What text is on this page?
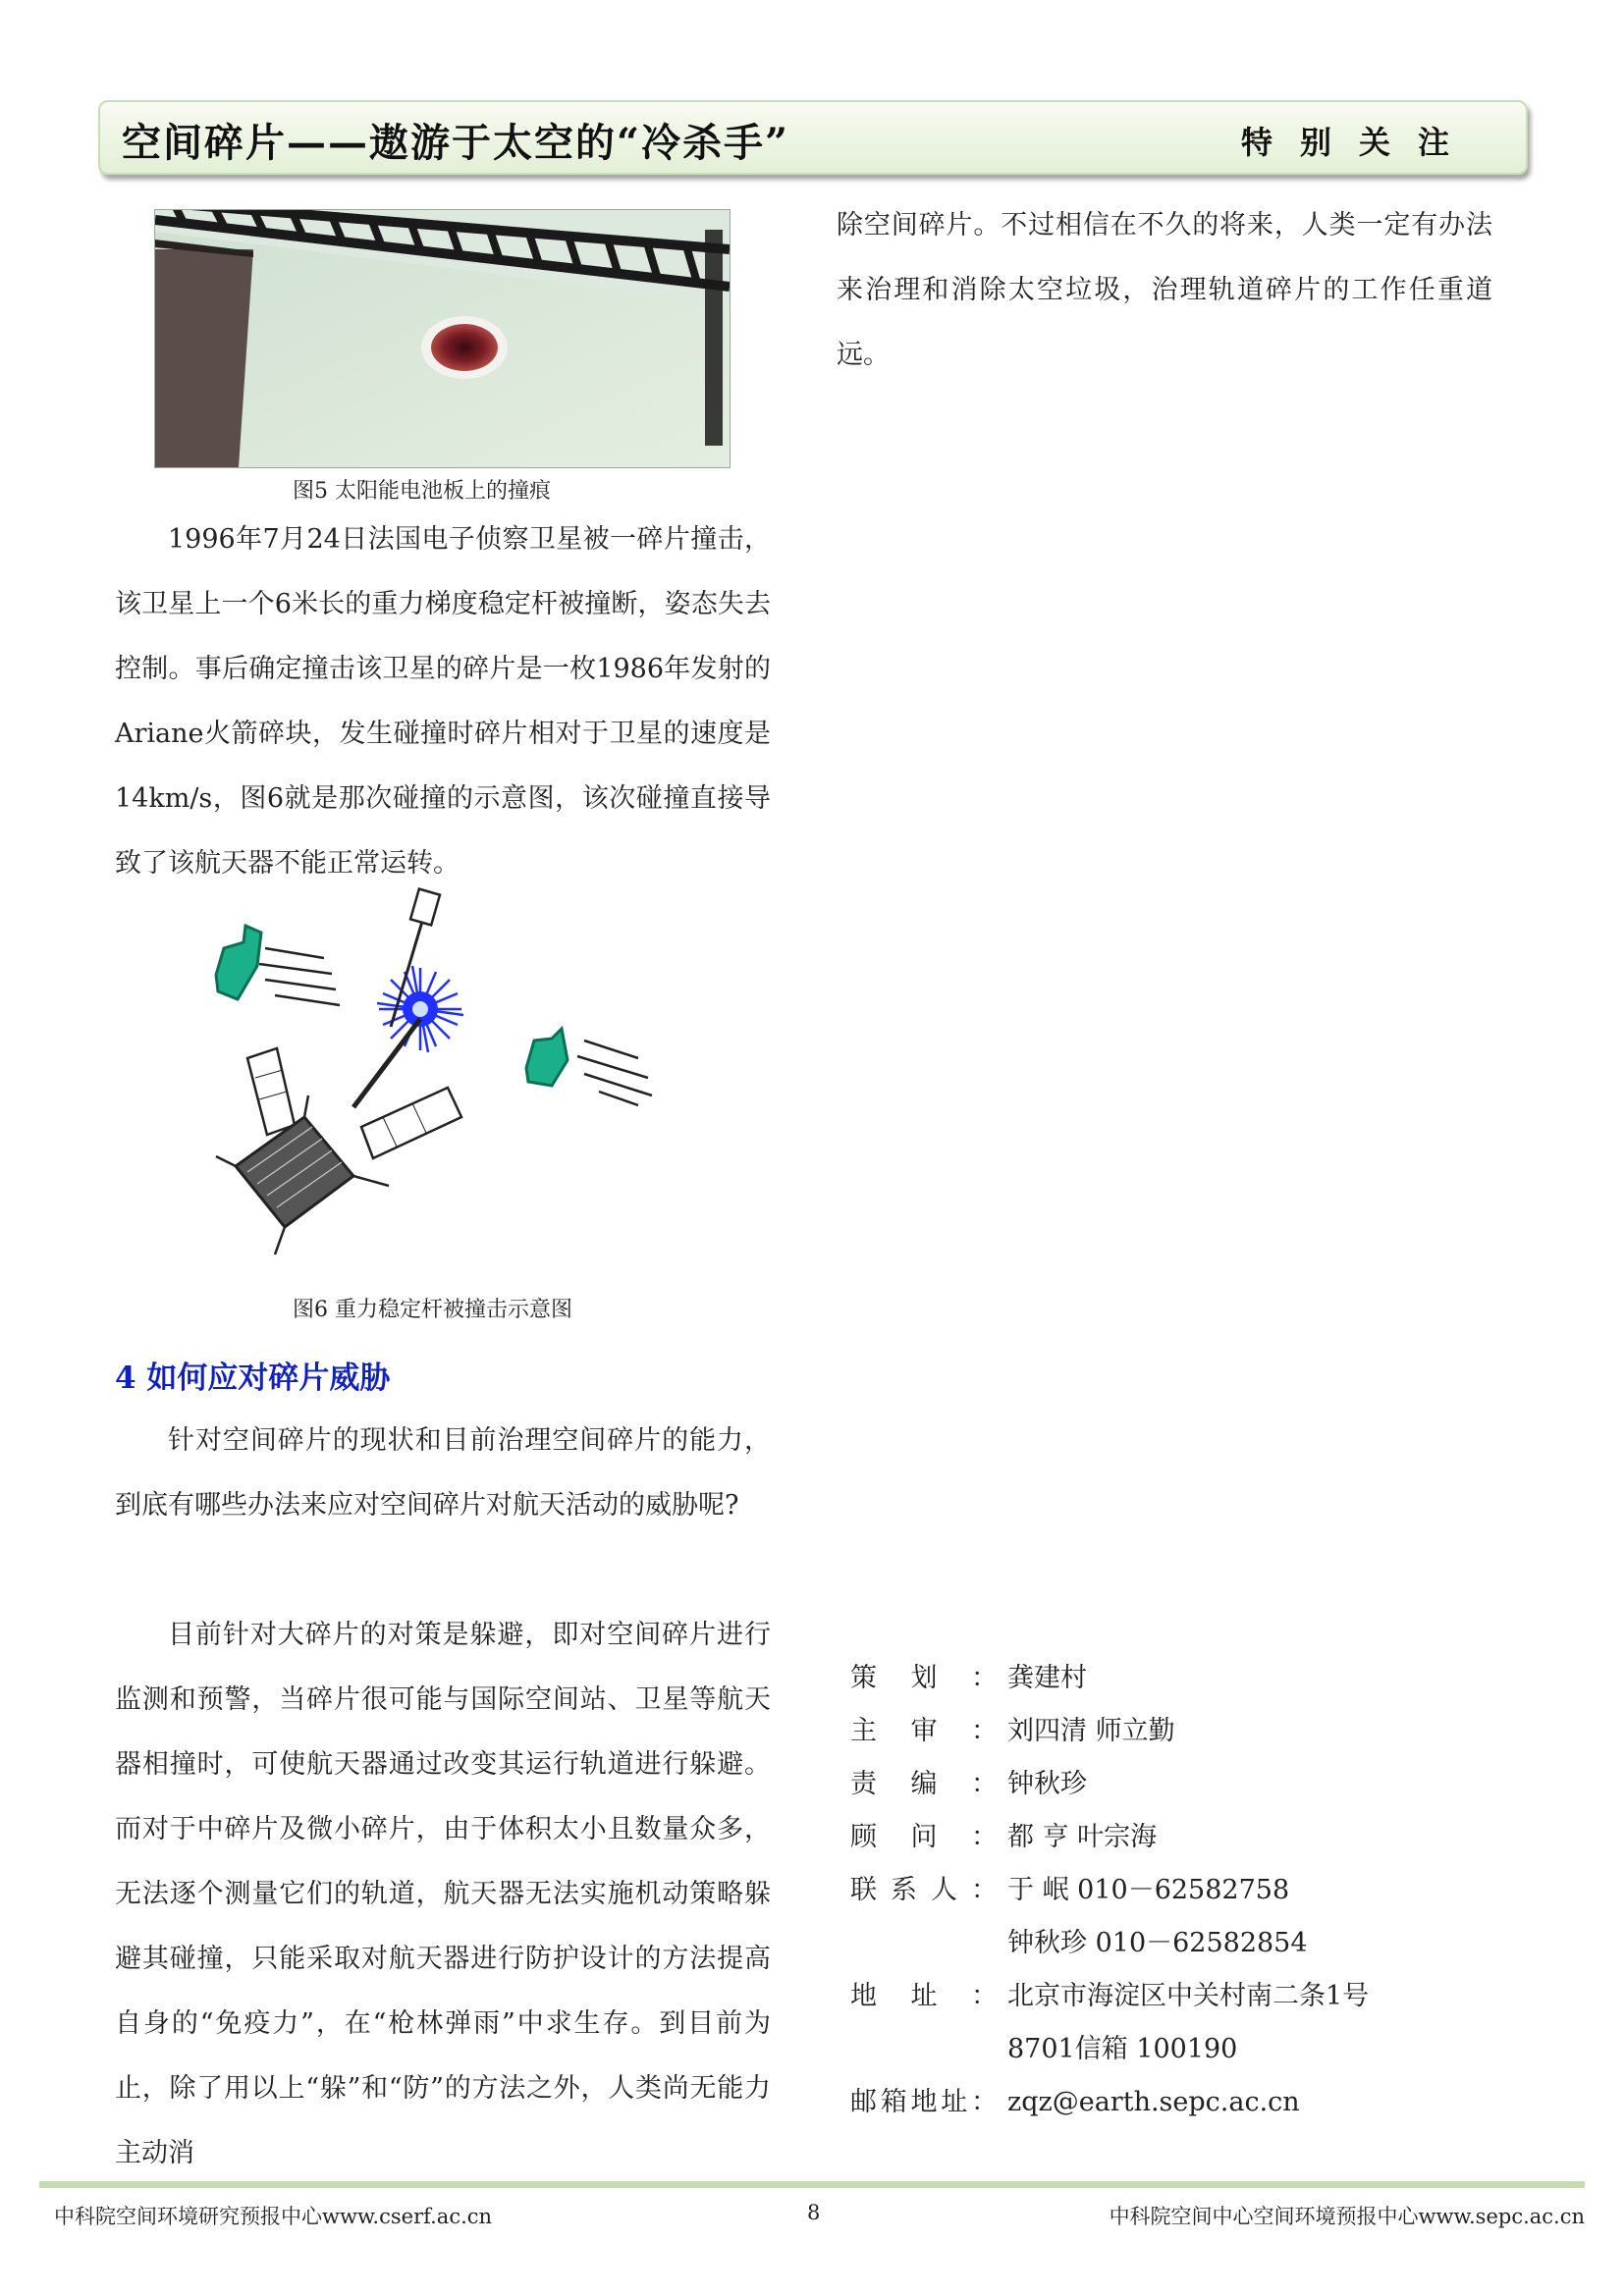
空间碎片——遨游于太空的“冷杀手”	特别关注
图5 太阳能电池板上的撞痕

1996年7月24日法国电子侦察卫星被一碎片撞击，该卫星上一个6米长的重力梯度稳定杆被撞断，姿态失去控制。事后确定撞击该卫星的碎片是一枚1986年发射的Ariane火箭碎块，发生碰撞时碎片相对于卫星的速度是14km/s，图6就是那次碰撞的示意图，该次碰撞直接导致了该航天器不能正常运转。

图6 重力稳定杆被撞击示意图
4 如何应对碎片威胁

针对空间碎片的现状和目前治理空间碎片的能力，到底有哪些办法来应对空间碎片对航天活动的威胁呢?

目前针对大碎片的对策是躲避，即对空间碎片进行监测和预警，当碎片很可能与国际空间站、卫星等航天器相撞时，可使航天器通过改变其运行轨道进行躲避。而对于中碎片及微小碎片，由于体积太小且数量众多，无法逐个测量它们的轨道，航天器无法实施机动策略躲避其碰撞，只能采取对航天器进行防护设计的方法提高自身的“免疫力”，在“枪林弹雨”中求生存。到目前为止，除了用以上“躲”和“防”的方法之外，人类尚无能力主动消

除空间碎片。不过相信在不久的将来，人类一定有办法来治理和消除太空垃圾，治理轨道碎片的工作任重道远。

策划： 龚建村
主审： 刘四清 师立勤
责编： 钟秋珍
顾问： 都 亨 叶宗海
联系人： 于 岷 010－62582758
钟秋珍 010－62582854
地址： 北京市海淀区中关村南二条1号
8701信箱 100190
邮箱地址： zqz@earth.sepc.ac.cn
中科院空间环境研究预报中心www.cserf.ac.cn	8	中科院空间中心空间环境预报中心www.sepc.ac.cn
